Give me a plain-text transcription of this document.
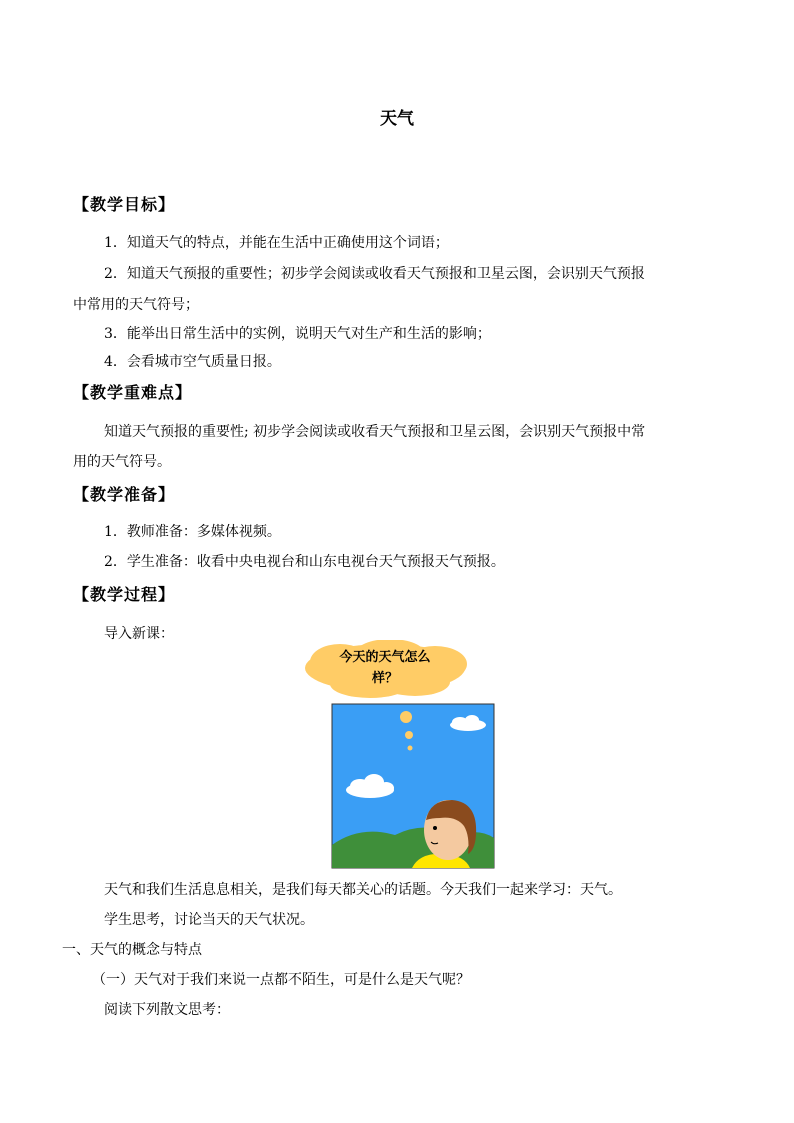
天气
【教学目标】
1．知道天气的特点，并能在生活中正确使用这个词语；
2．知道天气预报的重要性；初步学会阅读或收看天气预报和卫星云图，会识别天气预报
中常用的天气符号；
3．能举出日常生活中的实例，说明天气对生产和生活的影响；
4．会看城市空气质量日报。
【教学重难点】
知道天气预报的重要性; 初步学会阅读或收看天气预报和卫星云图，会识别天气预报中常
用的天气符号。
【教学准备】
1．教师准备：多媒体视频。
2．学生准备：收看中央电视台和山东电视台天气预报天气预报。
【教学过程】
导入新课：
今天的天气怎么
样？
天气和我们生活息息相关，是我们每天都关心的话题。今天我们一起来学习：天气。
学生思考，讨论当天的天气状况。
一、天气的概念与特点
（一）天气对于我们来说一点都不陌生，可是什么是天气呢？
阅读下列散文思考：
